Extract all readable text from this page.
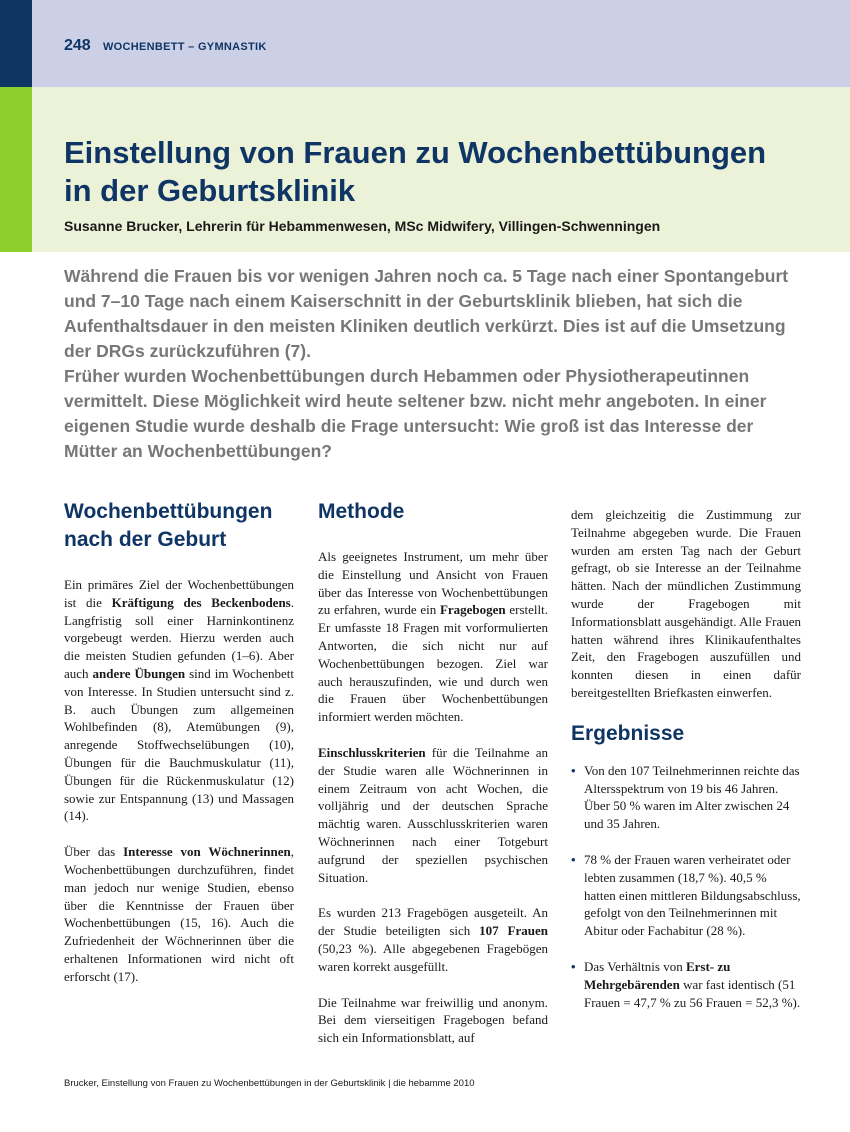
248 WOCHENBETT – GYMNASTIK
Einstellung von Frauen zu Wochenbettübungen
in der Geburtsklinik
Susanne Brucker, Lehrerin für Hebammenwesen, MSc Midwifery, Villingen-Schwenningen

Während die Frauen bis vor wenigen Jahren noch ca. 5 Tage nach einer Spontangeburt und 7–10 Tage nach einem Kaiserschnitt in der Geburtsklinik blieben, hat sich die Aufenthaltsdauer in den meisten Kliniken deutlich verkürzt. Dies ist auf die Umsetzung der DRGs zurückzuführen (7).

Früher wurden Wochenbettübungen durch Hebammen oder Physiotherapeutinnen vermittelt. Diese Möglichkeit wird heute seltener bzw. nicht mehr angeboten. In einer eigenen Studie wurde deshalb die Frage untersucht: Wie groß ist das Interesse der Mütter an Wochenbettübungen?

Wochenbettübungen nach der Geburt

Ein primäres Ziel der Wochenbettübungen ist die Kräftigung des Beckenbodens. Langfristig soll einer Harninkontinenz vorgebeugt werden. Hierzu werden auch die meisten Studien gefunden (1–6). Aber auch andere Übungen sind im Wochenbett von Interesse. In Studien untersucht sind z. B. auch Übungen zum allgemeinen Wohlbefinden (8), Atemübungen (9), anregende Stoffwechselübungen (10), Übungen für die Bauchmuskulatur (11), Übungen für die Rückenmuskulatur (12) sowie zur Entspannung (13) und Massagen (14).

Über das Interesse von Wöchnerinnen, Wochenbettübungen durchzuführen, findet man jedoch nur wenige Studien, ebenso über die Kenntnisse der Frauen über Wochenbettübungen (15, 16). Auch die Zufriedenheit der Wöchnerinnen über die erhaltenen Informationen wird nicht oft erforscht (17).

Methode

Als geeignetes Instrument, um mehr über die Einstellung und Ansicht von Frauen über das Interesse von Wochenbettübungen zu erfahren, wurde ein Fragebogen erstellt. Er umfasste 18 Fragen mit vorformulierten Antworten, die sich nicht nur auf Wochenbettübungen bezogen. Ziel war auch herauszufinden, wie und durch wen die Frauen über Wochenbettübungen informiert werden möchten.

Einschlusskriterien für die Teilnahme an der Studie waren alle Wöchnerinnen in einem Zeitraum von acht Wochen, die volljährig und der deutschen Sprache mächtig waren. Ausschlusskriterien waren Wöchnerinnen nach einer Totgeburt aufgrund der speziellen psychischen Situation.

Es wurden 213 Fragebögen ausgeteilt. An der Studie beteiligten sich 107 Frauen (50,23 %). Alle abgegebenen Fragebögen waren korrekt ausgefüllt.

Die Teilnahme war freiwillig und anonym. Bei dem vierseitigen Fragebogen befand sich ein Informationsblatt, auf

dem gleichzeitig die Zustimmung zur Teilnahme abgegeben wurde. Die Frauen wurden am ersten Tag nach der Geburt gefragt, ob sie Interesse an der Teilnahme hätten. Nach der mündlichen Zustimmung wurde der Fragebogen mit Informationsblatt ausgehändigt. Alle Frauen hatten während ihres Klinikaufenthaltes Zeit, den Fragebogen auszufüllen und konnten diesen in einen dafür bereitgestellten Briefkasten einwerfen.

Ergebnisse
• Von den 107 Teilnehmerinnen reichte das Altersspektrum von 19 bis 46 Jahren. Über 50 % waren im Alter zwischen 24 und 35 Jahren.
• 78 % der Frauen waren verheiratet oder lebten zusammen (18,7 %). 40,5 % hatten einen mittleren Bildungsabschluss, gefolgt von den Teilnehmerinnen mit Abitur oder Fachabitur (28 %).
• Das Verhältnis von Erst- zu Mehrgebärenden war fast identisch (51 Frauen = 47,7 % zu 56 Frauen = 52,3 %).
Brucker, Einstellung von Frauen zu Wochenbettübungen in der Geburtsklinik | die hebamme 2010
